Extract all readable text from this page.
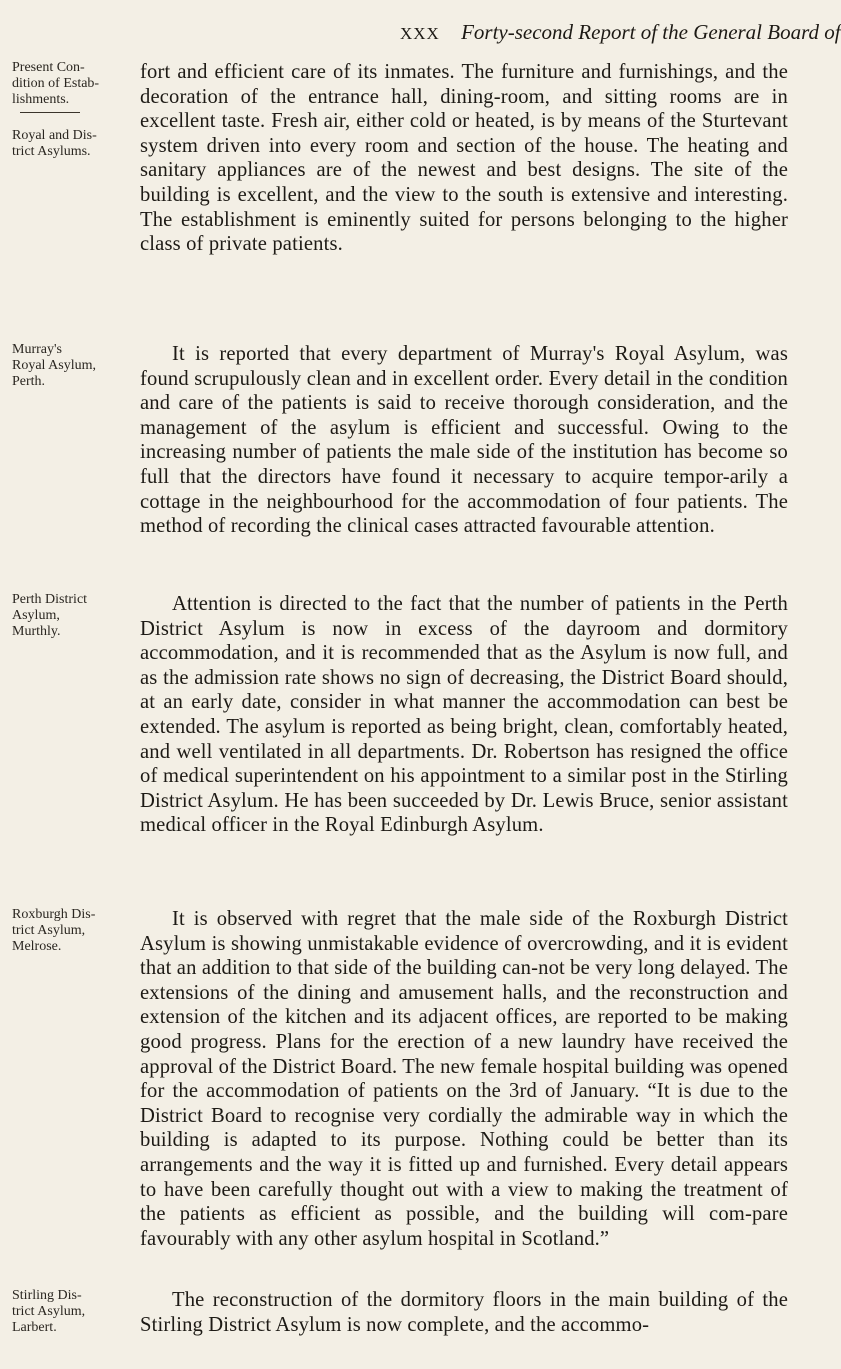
XXX Forty-second Report of the General Board of
Present Con-
dition of Estab-
lishments.
Royal and Dis-
trict Asylums.
Murray's
Royal Asylum,
Perth.
Perth District
Asylum,
Murthly.
Roxburgh Dis-
trict Asylum,
Melrose.
Stirling Dis-
trict Asylum,
Larbert.
fort and efficient care of its inmates. The furniture and furnishings, and the decoration of the entrance hall, dining-room, and sitting rooms are in excellent taste. Fresh air, either cold or heated, is by means of the Sturtevant system driven into every room and section of the house. The heating and sanitary appliances are of the newest and best designs. The site of the building is excellent, and the view to the south is extensive and interesting. The establishment is eminently suited for persons belonging to the higher class of private patients.
It is reported that every department of Murray's Royal Asylum, was found scrupulously clean and in excellent order. Every detail in the condition and care of the patients is said to receive thorough consideration, and the management of the asylum is efficient and successful. Owing to the increasing number of patients the male side of the institution has become so full that the directors have found it necessary to acquire tempor-arily a cottage in the neighbourhood for the accommodation of four patients. The method of recording the clinical cases attracted favourable attention.
Attention is directed to the fact that the number of patients in the Perth District Asylum is now in excess of the dayroom and dormitory accommodation, and it is recommended that as the Asylum is now full, and as the admission rate shows no sign of decreasing, the District Board should, at an early date, consider in what manner the accommodation can best be extended. The asylum is reported as being bright, clean, comfortably heated, and well ventilated in all departments. Dr. Robertson has resigned the office of medical superintendent on his appointment to a similar post in the Stirling District Asylum. He has been succeeded by Dr. Lewis Bruce, senior assistant medical officer in the Royal Edinburgh Asylum.
It is observed with regret that the male side of the Roxburgh District Asylum is showing unmistakable evidence of overcrowding, and it is evident that an addition to that side of the building can-not be very long delayed. The extensions of the dining and amusement halls, and the reconstruction and extension of the kitchen and its adjacent offices, are reported to be making good progress. Plans for the erection of a new laundry have received the approval of the District Board. The new female hospital building was opened for the accommodation of patients on the 3rd of January. “It is due to the District Board to recognise very cordially the admirable way in which the building is adapted to its purpose. Nothing could be better than its arrangements and the way it is fitted up and furnished. Every detail appears to have been carefully thought out with a view to making the treatment of the patients as efficient as possible, and the building will com-pare favourably with any other asylum hospital in Scotland.”
The reconstruction of the dormitory floors in the main building of the Stirling District Asylum is now complete, and the accommo-
